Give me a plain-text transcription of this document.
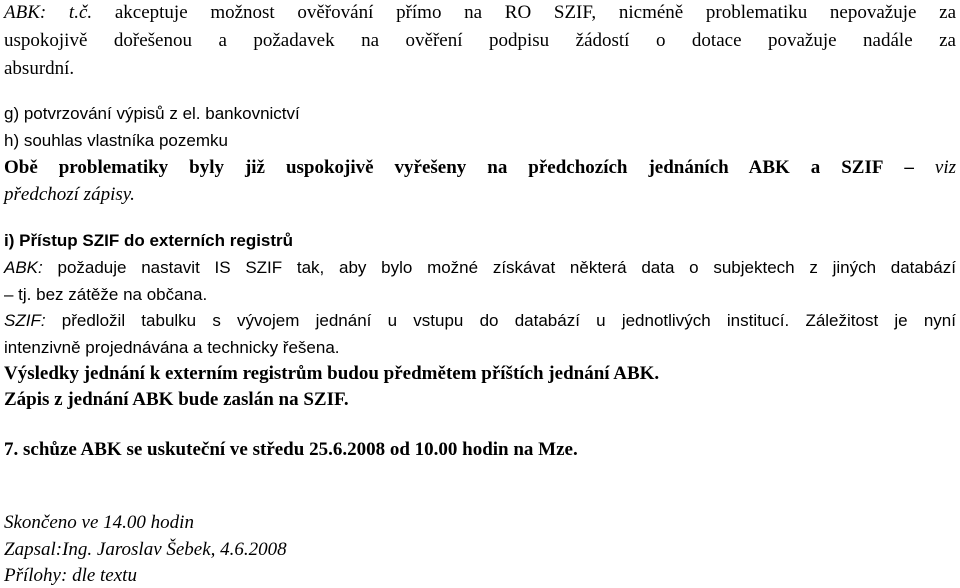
ABK: t.č. akceptuje možnost ověřování přímo na RO SZIF, nicméně problematiku nepovažuje za
uspokojivě dořešenou a požadavek na ověření podpisu žádostí o dotace považuje nadále za
absurdní.
g) potvrzování výpisů z el. bankovnictví
h) souhlas vlastníka pozemku
Obě problematiky byly již uspokojivě vyřešeny na předchozích jednáních ABK a SZIF – viz
předchozí zápisy.
i) Přístup SZIF do externích registrů
ABK: požaduje nastavit IS SZIF tak, aby bylo možné získávat některá data o subjektech z jiných databází
– tj. bez zátěže na občana.
SZIF: předložil tabulku s vývojem jednání u vstupu do databází u jednotlivých institucí. Záležitost je nyní
intenzivně projednávána a technicky řešena.
Výsledky jednání k externím registrům budou předmětem příštích jednání ABK.
Zápis z jednání ABK bude zaslán na SZIF.
7. schůze ABK se uskuteční ve středu 25.6.2008 od 10.00 hodin na Mze.
Skončeno ve 14.00 hodin
Zapsal:Ing. Jaroslav Šebek, 4.6.2008
Přílohy: dle textu
